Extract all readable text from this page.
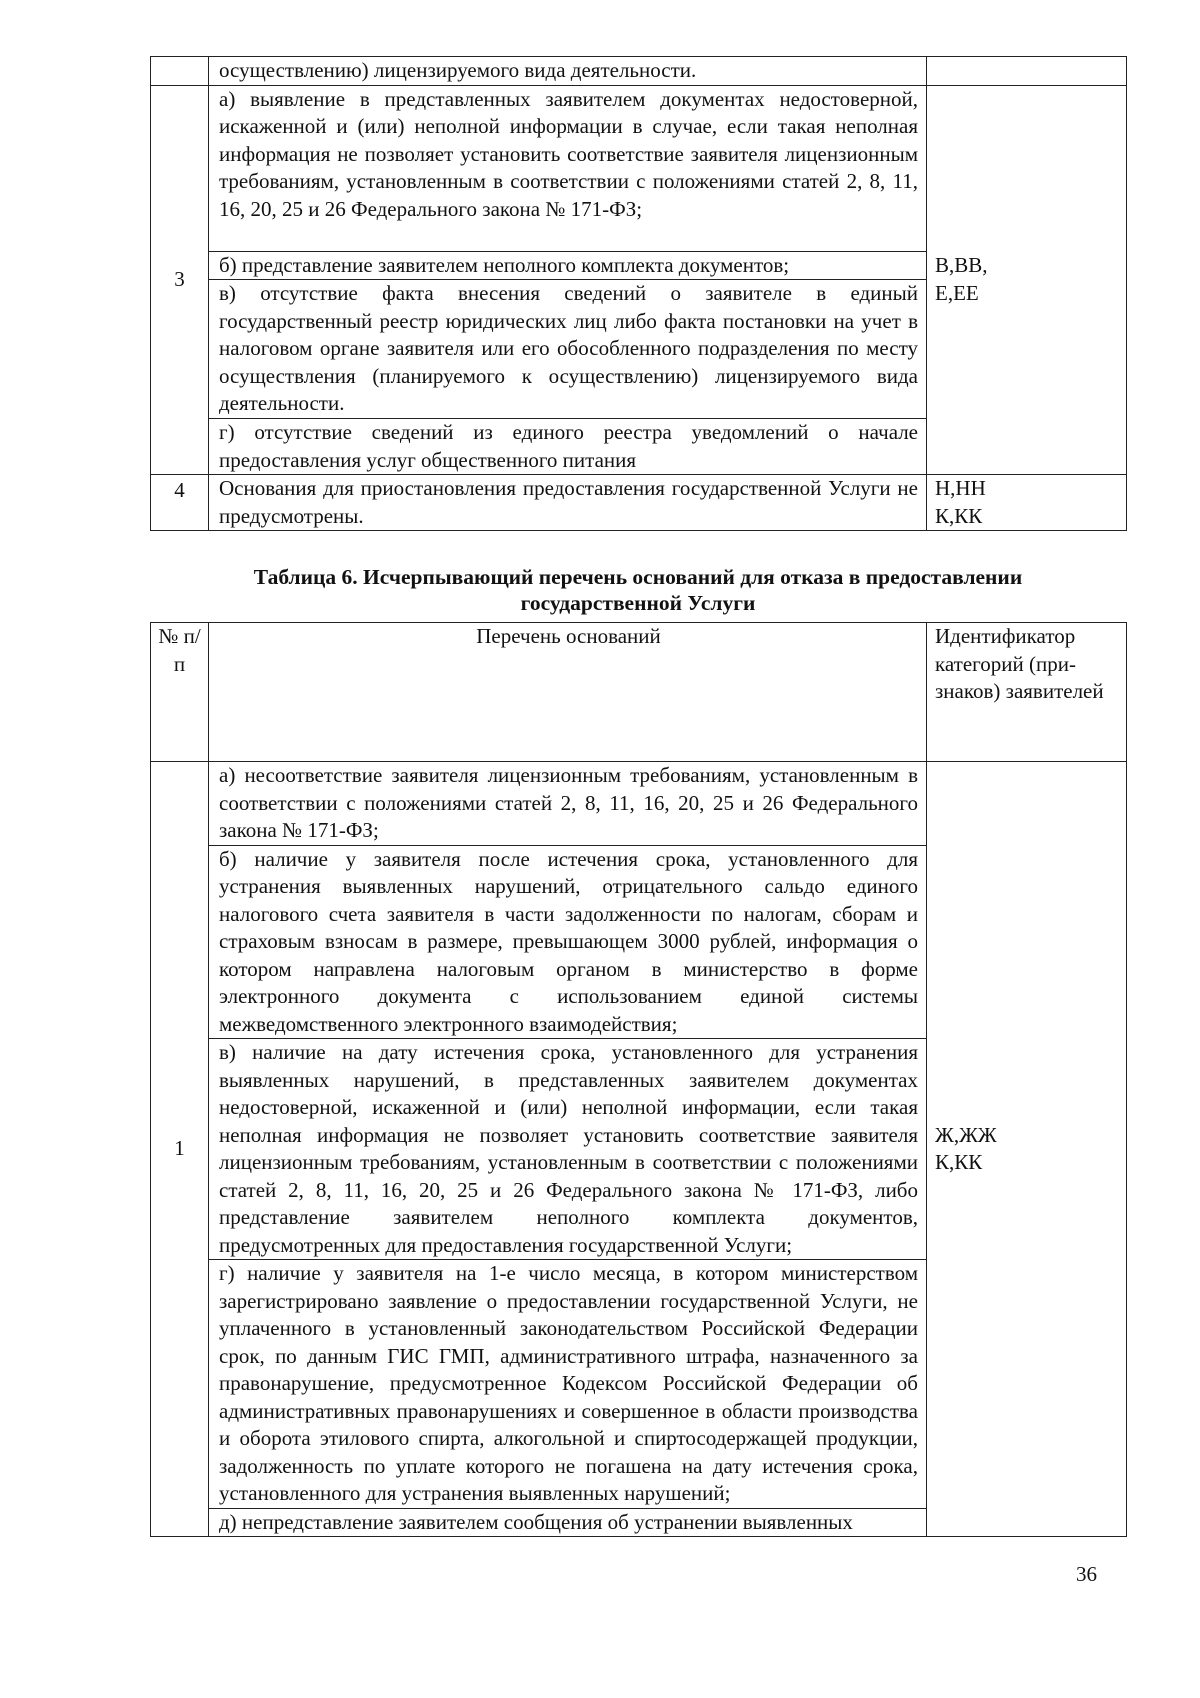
	осуществлению) лицензируемого вида деятельности.	
3	а) выявление в представленных заявителем документах недостоверной, искаженной и (или) неполной информации в случае, если такая неполная информация не позволяет установить соответствие заявителя лицензионным требованиям, установленным в соответствии с положениями статей 2, 8, 11, 16, 20, 25 и 26 Федерального закона № 171-ФЗ;	В,ВВ,
Е,ЕЕ

	б) представление заявителем неполного комплекта документов;	
	в) отсутствие факта внесения сведений о заявителе в единый государственный реестр юридических лиц либо факта постановки на учет в налоговом органе заявителя или его обособленного подразделения по месту осуществления (планируемого к осуществлению) лицензируемого вида деятельности.	
	г) отсутствие сведений из единого реестра уведомлений о начале предоставления услуг общественного питания	
4	Основания для приостановления предоставления государственной Услуги не предусмотрены.	Н,НН
К,КК
Таблица 6. Исчерпывающий перечень оснований для отказа в предоставлении
государственной Услуги
№ п/п	Перечень оснований	Идентификатор категорий (признаков) заявителей
1	а) несоответствие заявителя лицензионным требованиям, установленным в соответствии с положениями статей 2, 8, 11, 16, 20, 25 и 26 Федерального закона № 171-ФЗ;	Ж,ЖЖ
К,КК

	б) наличие у заявителя после истечения срока, установленного для устранения выявленных нарушений, отрицательного сальдо единого налогового счета заявителя в части задолженности по налогам, сборам и страховым взносам в размере, превышающем 3000 рублей, информация о котором направлена налоговым органом в министерство в форме электронного документа с использованием единой системы межведомственного электронного взаимодействия;	
	в) наличие на дату истечения срока, установленного для устранения выявленных нарушений, в представленных заявителем документах недостоверной, искаженной и (или) неполной информации, если такая неполная информация не позволяет установить соответствие заявителя лицензионным требованиям, установленным в соответствии с положениями статей 2, 8, 11, 16, 20, 25 и 26 Федерального закона № 171-ФЗ, либо представление заявителем неполного комплекта документов, предусмотренных для предоставления государственной Услуги;	
	г) наличие у заявителя на 1-е число месяца, в котором министерством зарегистрировано заявление о предоставлении государственной Услуги, не уплаченного в установленный законодательством Российской Федерации срок, по данным ГИС ГМП, административного штрафа, назначенного за правонарушение, предусмотренное Кодексом Российской Федерации об административных правонарушениях и совершенное в области производства и оборота этилового спирта, алкогольной и спиртосодержащей продукции, задолженность по уплате которого не погашена на дату истечения срока, установленного для устранения выявленных нарушений;	
	д) непредставление заявителем сообщения об устранении выявленных	
36
